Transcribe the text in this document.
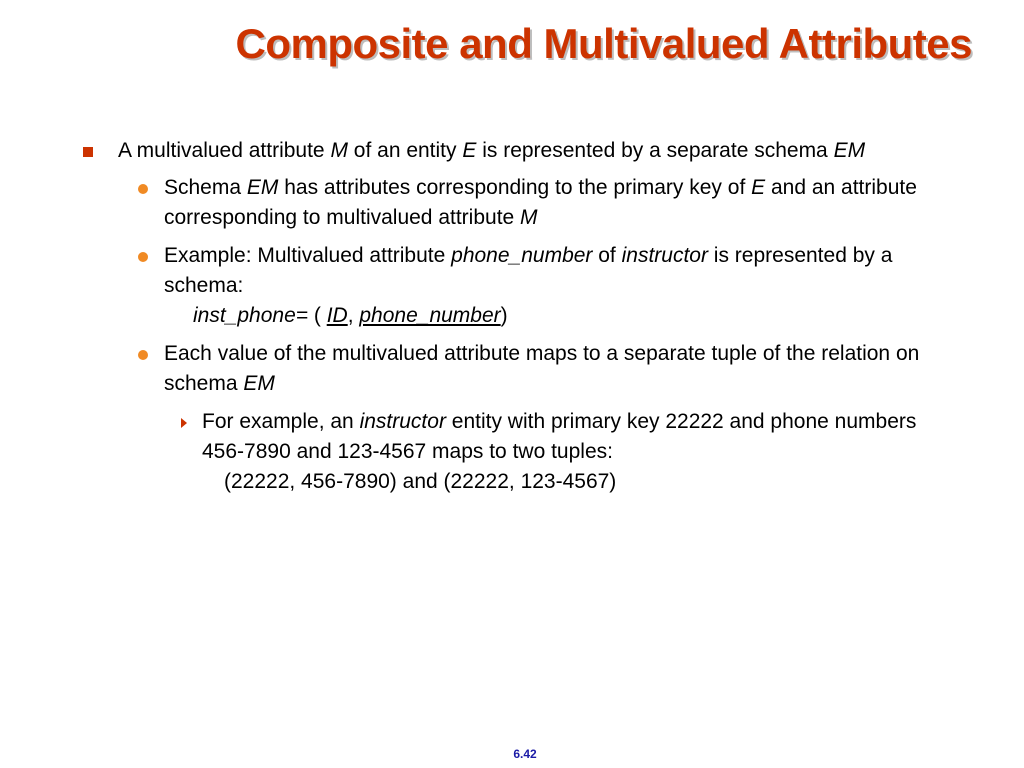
Composite and Multivalued Attributes
A multivalued attribute M of an entity E is represented by a separate schema EM
Schema EM has attributes corresponding to the primary key of E and an attribute corresponding to multivalued attribute M
Example: Multivalued attribute phone_number of instructor is represented by a schema:
inst_phone= ( ID, phone_number)
Each value of the multivalued attribute maps to a separate tuple of the relation on schema EM
For example, an instructor entity with primary key 22222 and phone numbers 456-7890 and 123-4567 maps to two tuples:
(22222, 456-7890) and (22222, 123-4567)
6.42
